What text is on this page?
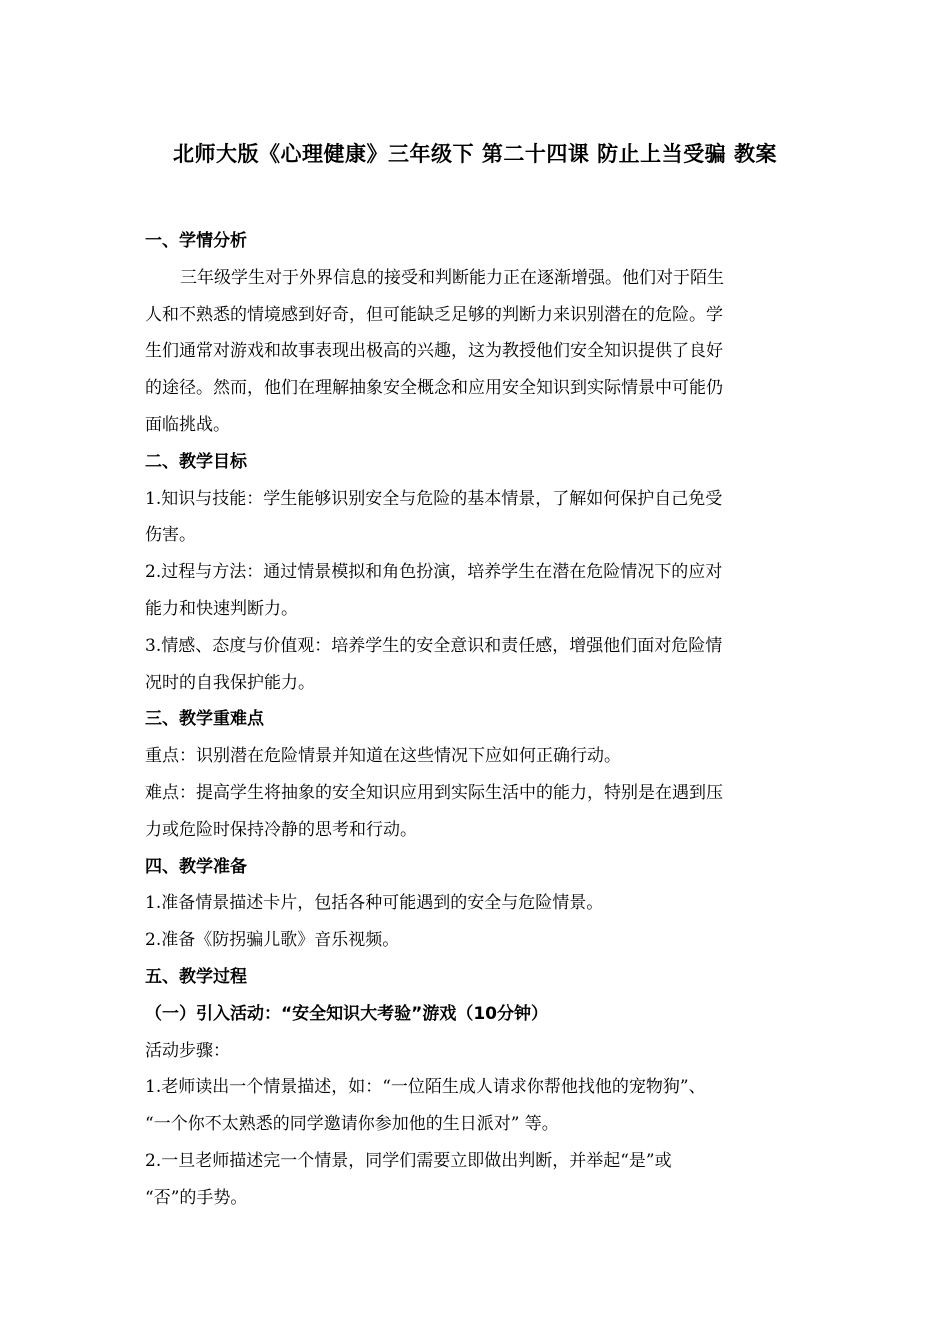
北师大版《心理健康》三年级下 第二十四课 防止上当受骗 教案
一、学情分析
三年级学生对于外界信息的接受和判断能力正在逐渐增强。他们对于陌生
人和不熟悉的情境感到好奇，但可能缺乏足够的判断力来识别潜在的危险。学
生们通常对游戏和故事表现出极高的兴趣，这为教授他们安全知识提供了良好
的途径。然而，他们在理解抽象安全概念和应用安全知识到实际情景中可能仍
面临挑战。
二、教学目标
1.知识与技能：学生能够识别安全与危险的基本情景，了解如何保护自己免受
伤害。
2.过程与方法：通过情景模拟和角色扮演，培养学生在潜在危险情况下的应对
能力和快速判断力。
3.情感、态度与价值观：培养学生的安全意识和责任感，增强他们面对危险情
况时的自我保护能力。
三、教学重难点
重点：识别潜在危险情景并知道在这些情况下应如何正确行动。
难点：提高学生将抽象的安全知识应用到实际生活中的能力，特别是在遇到压
力或危险时保持冷静的思考和行动。
四、教学准备
1.准备情景描述卡片，包括各种可能遇到的安全与危险情景。
2.准备《防拐骗儿歌》音乐视频。
五、教学过程
（一）引入活动：“安全知识大考验”游戏（10分钟）
活动步骤：
1.老师读出一个情景描述，如：“一位陌生成人请求你帮他找他的宠物狗”、
“一个你不太熟悉的同学邀请你参加他的生日派对” 等。
2.一旦老师描述完一个情景，同学们需要立即做出判断，并举起“是”或
“否”的手势。
